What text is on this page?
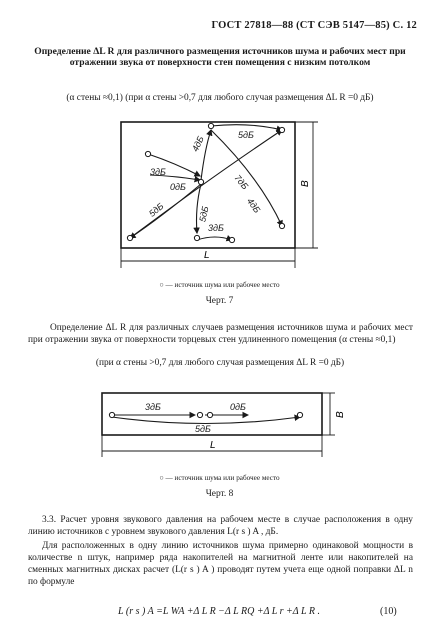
ГОСТ 27818—88 (СТ СЭВ 5147—85) С. 12
Определение ΔL R для различного размещения источников шума и рабочих мест при отражении звука от поверхности стен помещения с низким потолком
(α стены ≈0,1) (при α стены >0,7 для любого случая размещения ΔL R =0 дБ)
5дБ
3дБ
0дБ
5дБ
7дБ
4дБ
5дБ
3дБ
4дБ
B
L
○ — источник шума или рабочее место
Черт. 7
Определение ΔL R для различных случаев размещения источников шума и рабочих мест при отражении звука от поверхности торцевых стен удлиненного помещения (α стены ≈0,1)
(при α стены >0,7 для любого случая размещения ΔL R =0 дБ)
3дБ	0дБ
5дБ
B
L
○ — источник шума или рабочее место
Черт. 8
3.3. Расчет уровня звукового давления на рабочем месте в случае расположения в одну линию источников с уровнем звукового давления L(r s ) A , дБ.
Для расположенных в одну линию источников шума примерно одинаковой мощности в количестве n штук, например ряда накопителей на магнитной ленте или накопителей на сменных магнитных дисках расчет (L(r s ) A ) проводят путем учета еще одной поправки ΔL n по формуле
L (r s ) A =L WA +Δ L R −Δ L RQ +Δ L r +Δ L R .	(10)
